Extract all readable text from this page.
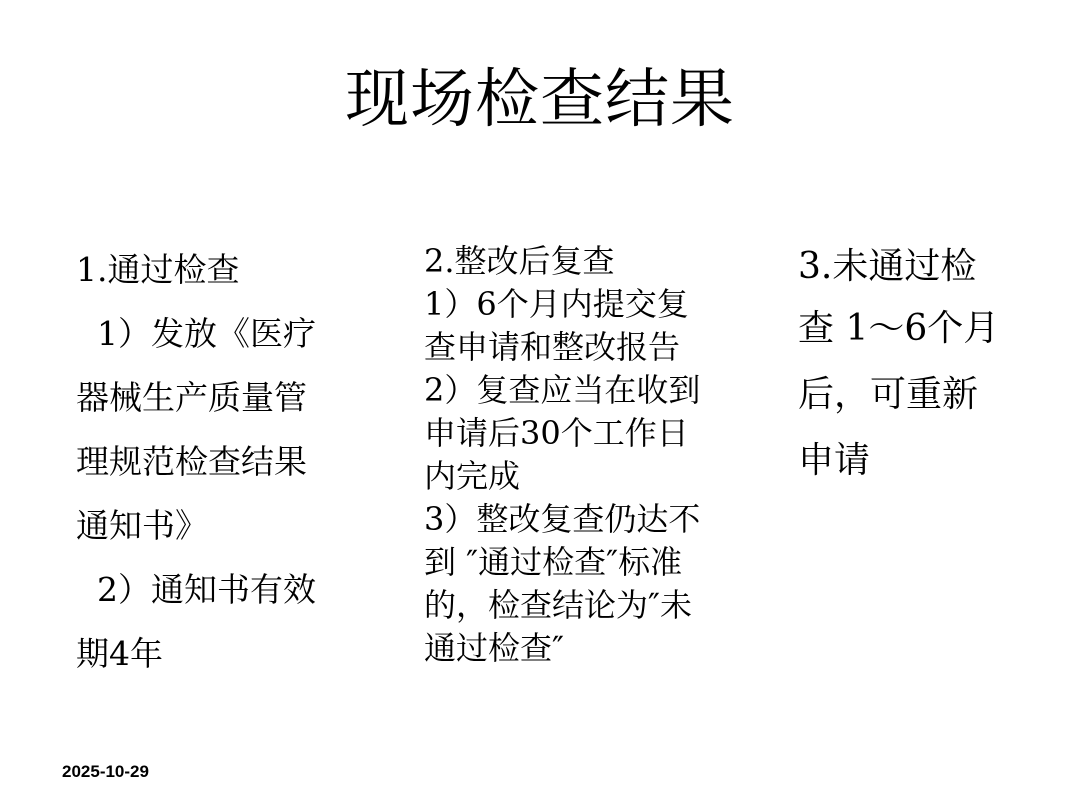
现场检查结果
1.通过检查
1）发放《医疗
器械生产质量管
理规范检查结果
通知书》
2）通知书有效
期4年
2.整改后复查
1）6个月内提交复
查申请和整改报告
2）复查应当在收到
申请后30个工作日
内完成
3）整改复查仍达不
到 ″通过检查″标准
的，检查结论为″未
通过检查″
3.未通过检
查 1～6个月
后，可重新
申请
2025-10-29
